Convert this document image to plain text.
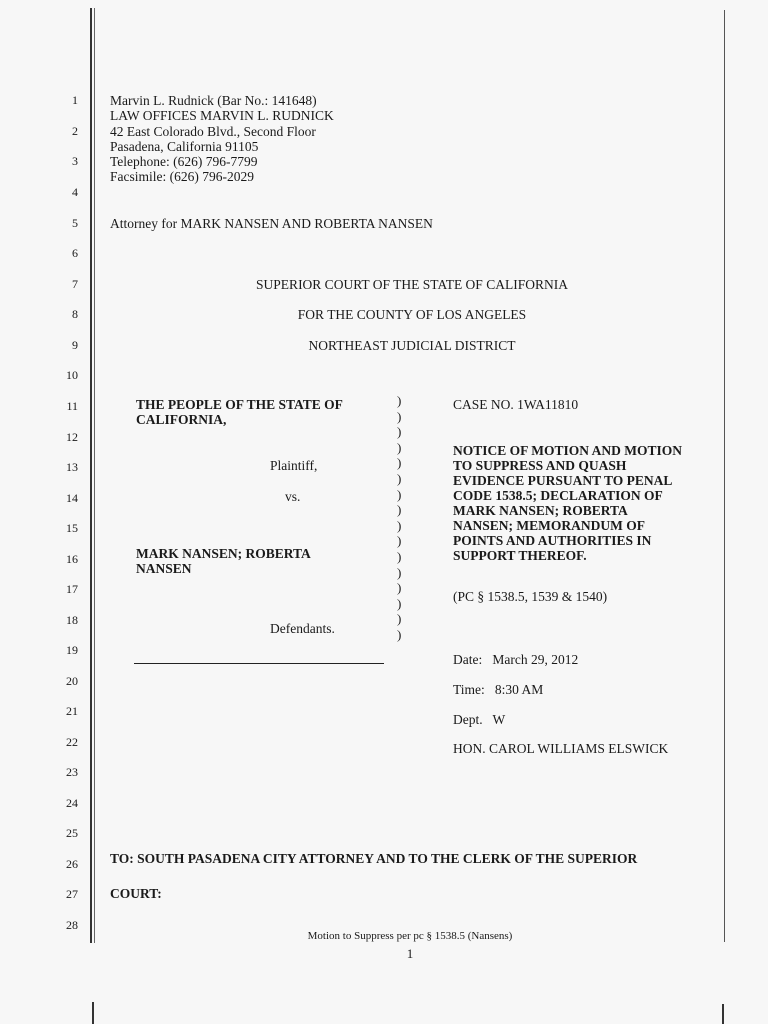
1
2
3
4
5
6
7
8
9
10
11
12
13
14
15
16
17
18
19
20
21
22
23
24
25
26
27
28
Marvin L. Rudnick (Bar No.: 141648)
LAW OFFICES MARVIN L. RUDNICK
42 East Colorado Blvd., Second Floor
Pasadena, California 91105
Telephone: (626) 796-7799
Facsimile: (626) 796-2029
Attorney for MARK NANSEN AND ROBERTA NANSEN
SUPERIOR COURT OF THE STATE OF CALIFORNIA
FOR THE COUNTY OF LOS ANGELES
NORTHEAST JUDICIAL DISTRICT
THE PEOPLE OF THE STATE OF
CALIFORNIA,
Plaintiff,
vs.
MARK NANSEN; ROBERTA
NANSEN
Defendants.
)
)
)
)
)
)
)
)
)
)
)
)
)
)
)
)
CASE NO. 1WA11810
NOTICE OF MOTION AND MOTION
TO SUPPRESS AND QUASH
EVIDENCE PURSUANT TO PENAL
CODE 1538.5; DECLARATION OF
MARK NANSEN; ROBERTA
NANSEN; MEMORANDUM OF
POINTS AND AUTHORITIES IN
SUPPORT THEREOF.
(PC § 1538.5, 1539 & 1540)
Date:   March 29, 2012
Time:   8:30 AM
Dept.   W
HON. CAROL WILLIAMS ELSWICK
TO: SOUTH PASADENA CITY ATTORNEY AND TO THE CLERK OF THE SUPERIOR
COURT:
Motion to Suppress per pc § 1538.5 (Nansens)
1
